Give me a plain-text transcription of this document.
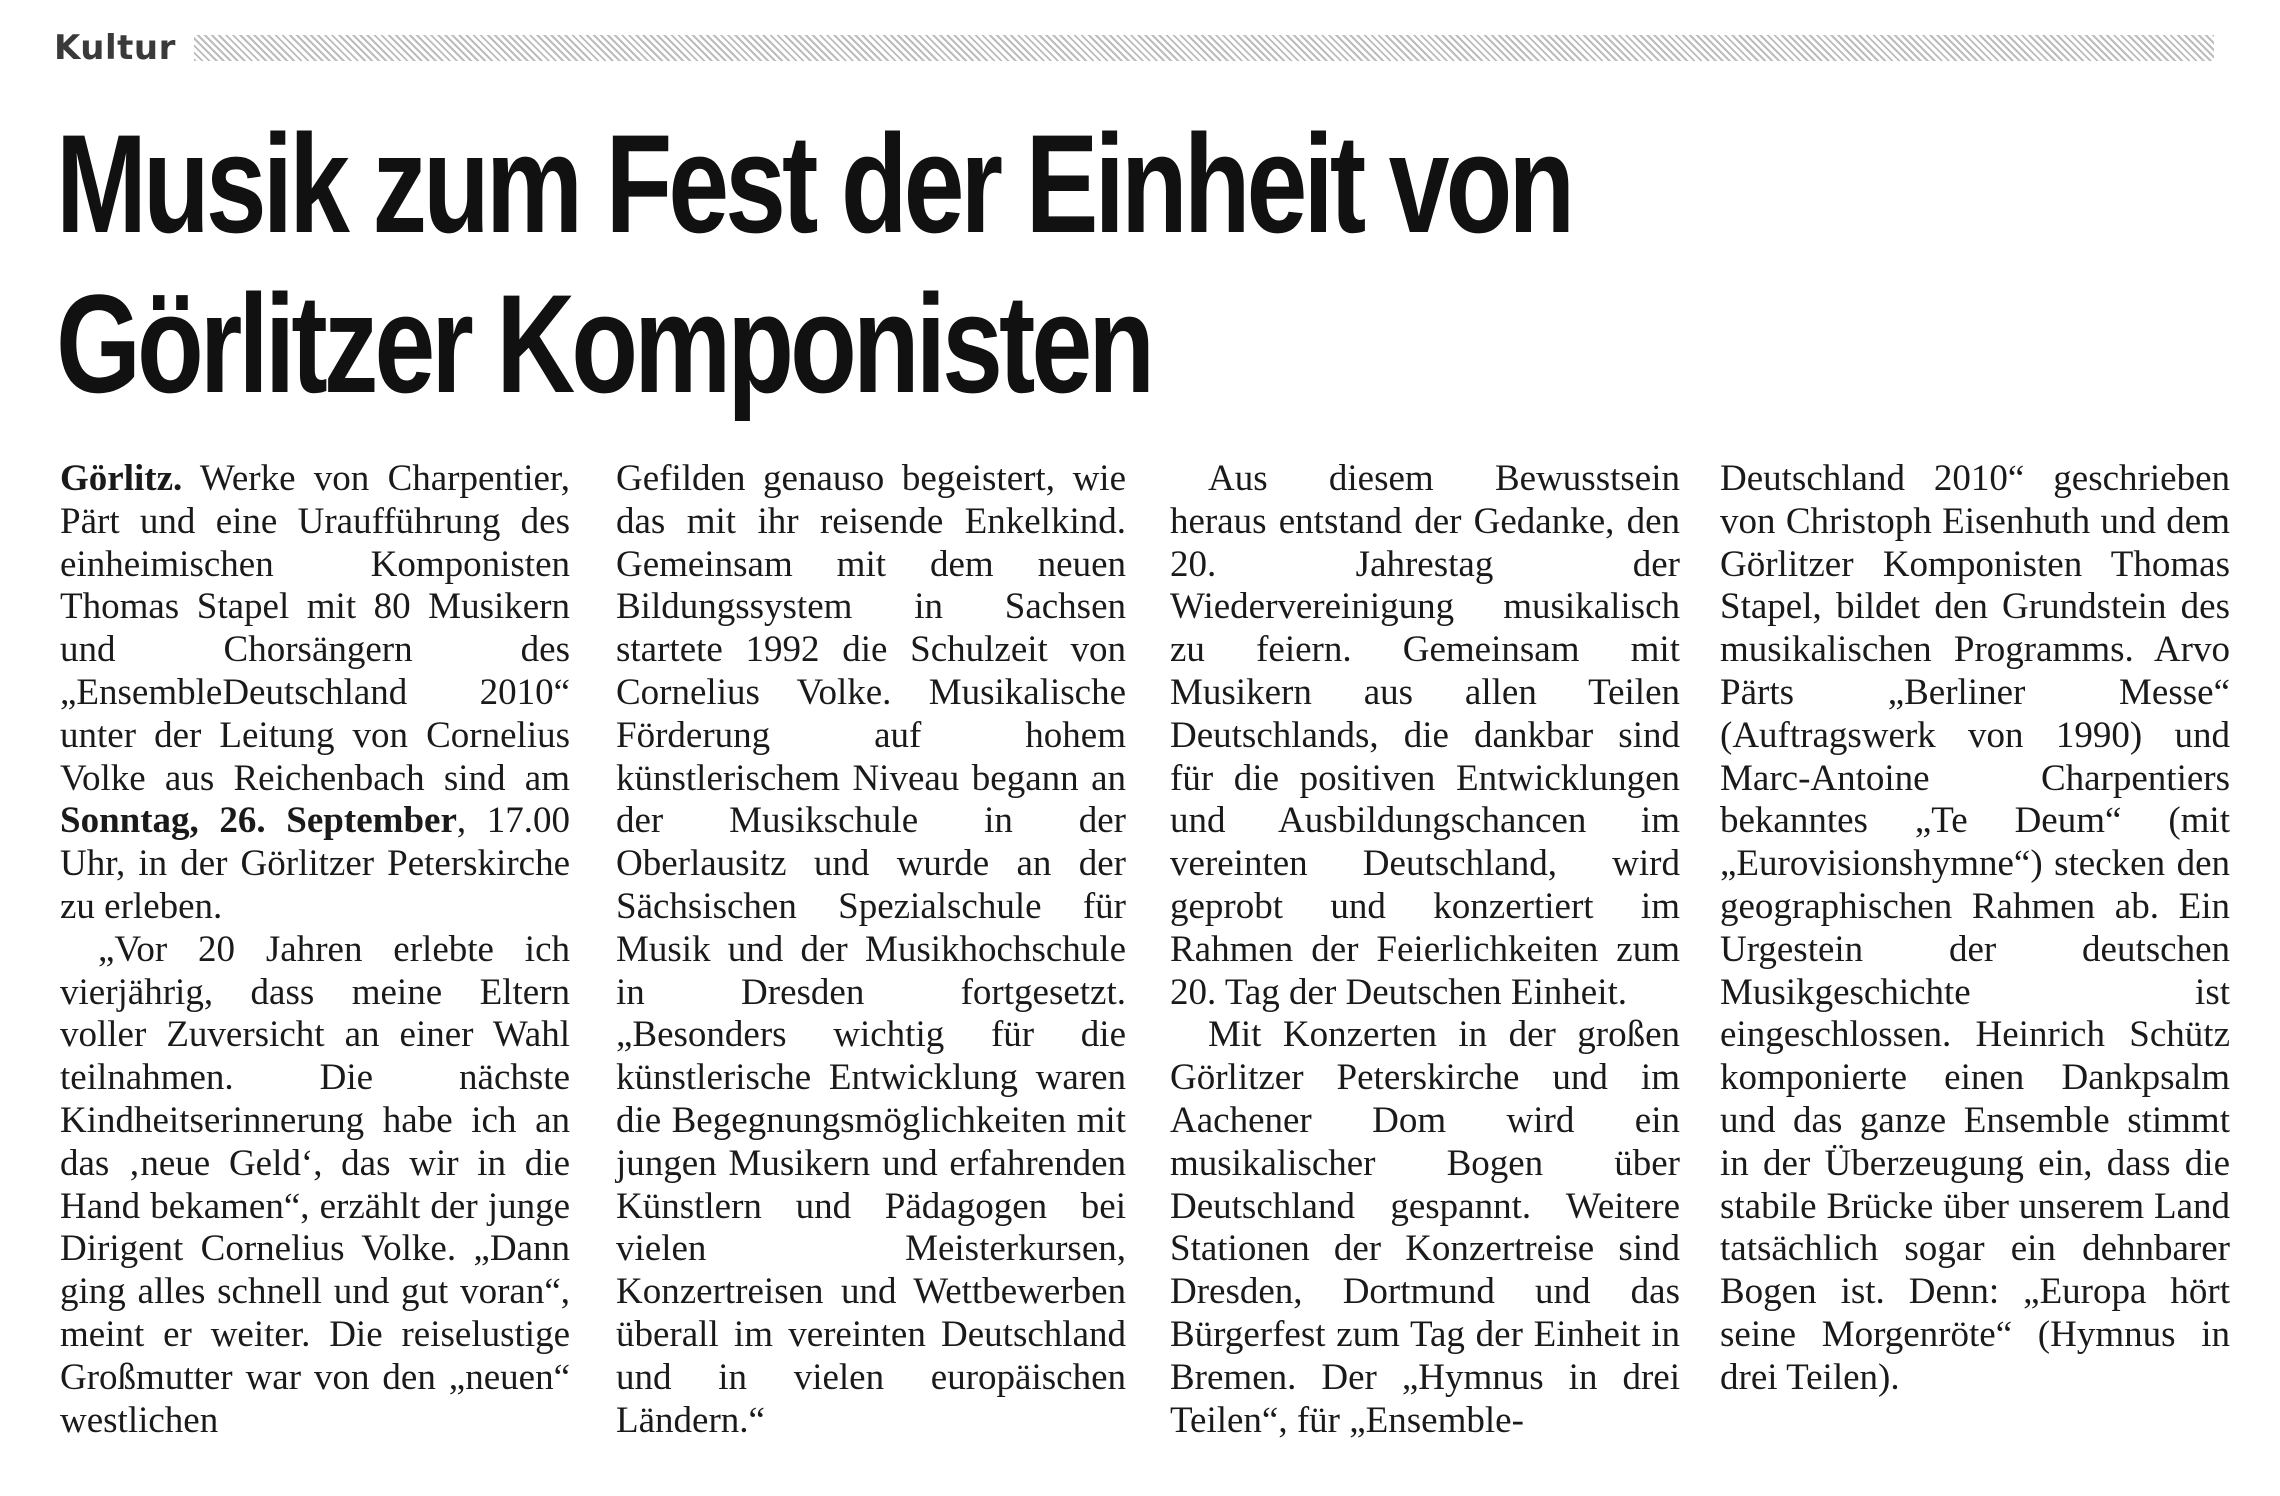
Kultur
Musik zum Fest der Einheit von
Görlitzer Komponisten

Görlitz. Werke von Charpentier, Pärt und eine Uraufführung des einheimischen Komponisten Thomas Stapel mit 80 Musikern und Chorsängern des „EnsembleDeutschland 2010“ unter der Leitung von Cornelius Volke aus Reichenbach sind am Sonntag, 26. September, 17.00 Uhr, in der Görlitzer Peterskirche zu erleben.

„Vor 20 Jahren erlebte ich vierjährig, dass meine Eltern voller Zuversicht an einer Wahl teilnahmen. Die nächste Kindheitserinnerung habe ich an das ‚neue Geld‘, das wir in die Hand bekamen“, erzählt der junge Dirigent Cornelius Volke. „Dann ging alles schnell und gut voran“, meint er weiter. Die reiselustige Großmutter war von den „neuen“ westlichen

Gefilden genauso begeistert, wie das mit ihr reisende Enkelkind. Gemeinsam mit dem neuen Bildungssystem in Sachsen startete 1992 die Schulzeit von Cornelius Volke. Musikalische Förderung auf hohem künstlerischem Niveau begann an der Musikschule in der Oberlausitz und wurde an der Sächsischen Spezialschule für Musik und der Musikhochschule in Dresden fortgesetzt. „Besonders wichtig für die künstlerische Entwicklung waren die Begegnungsmöglichkeiten mit jungen Musikern und erfahrenden Künstlern und Pädagogen bei vielen Meisterkursen, Konzertreisen und Wettbewerben überall im vereinten Deutschland und in vielen europäischen Ländern.“

Aus diesem Bewusstsein heraus entstand der Gedanke, den 20. Jahrestag der Wiedervereinigung musikalisch zu feiern. Gemeinsam mit Musikern aus allen Teilen Deutschlands, die dankbar sind für die positiven Entwicklungen und Ausbildungschancen im vereinten Deutschland, wird geprobt und konzertiert im Rahmen der Feierlichkeiten zum 20. Tag der Deutschen Einheit.

Mit Konzerten in der großen Görlitzer Peterskirche und im Aachener Dom wird ein musikalischer Bogen über Deutschland gespannt. Weitere Stationen der Konzertreise sind Dresden, Dortmund und das Bürgerfest zum Tag der Einheit in Bremen. Der „Hymnus in drei Teilen“, für „Ensemble-

Deutschland 2010“ geschrieben von Christoph Eisenhuth und dem Görlitzer Komponisten Thomas Stapel, bildet den Grundstein des musikalischen Programms. Arvo Pärts „Berliner Messe“ (Auftragswerk von 1990) und Marc-Antoine Charpentiers bekanntes „Te Deum“ (mit „Eurovisionshymne“) stecken den geographischen Rahmen ab. Ein Urgestein der deutschen Musikgeschichte ist eingeschlossen. Heinrich Schütz komponierte einen Dankpsalm und das ganze Ensemble stimmt in der Überzeugung ein, dass die stabile Brücke über unserem Land tatsächlich sogar ein dehnbarer Bogen ist. Denn: „Europa hört seine Morgenröte“ (Hymnus in drei Teilen).
